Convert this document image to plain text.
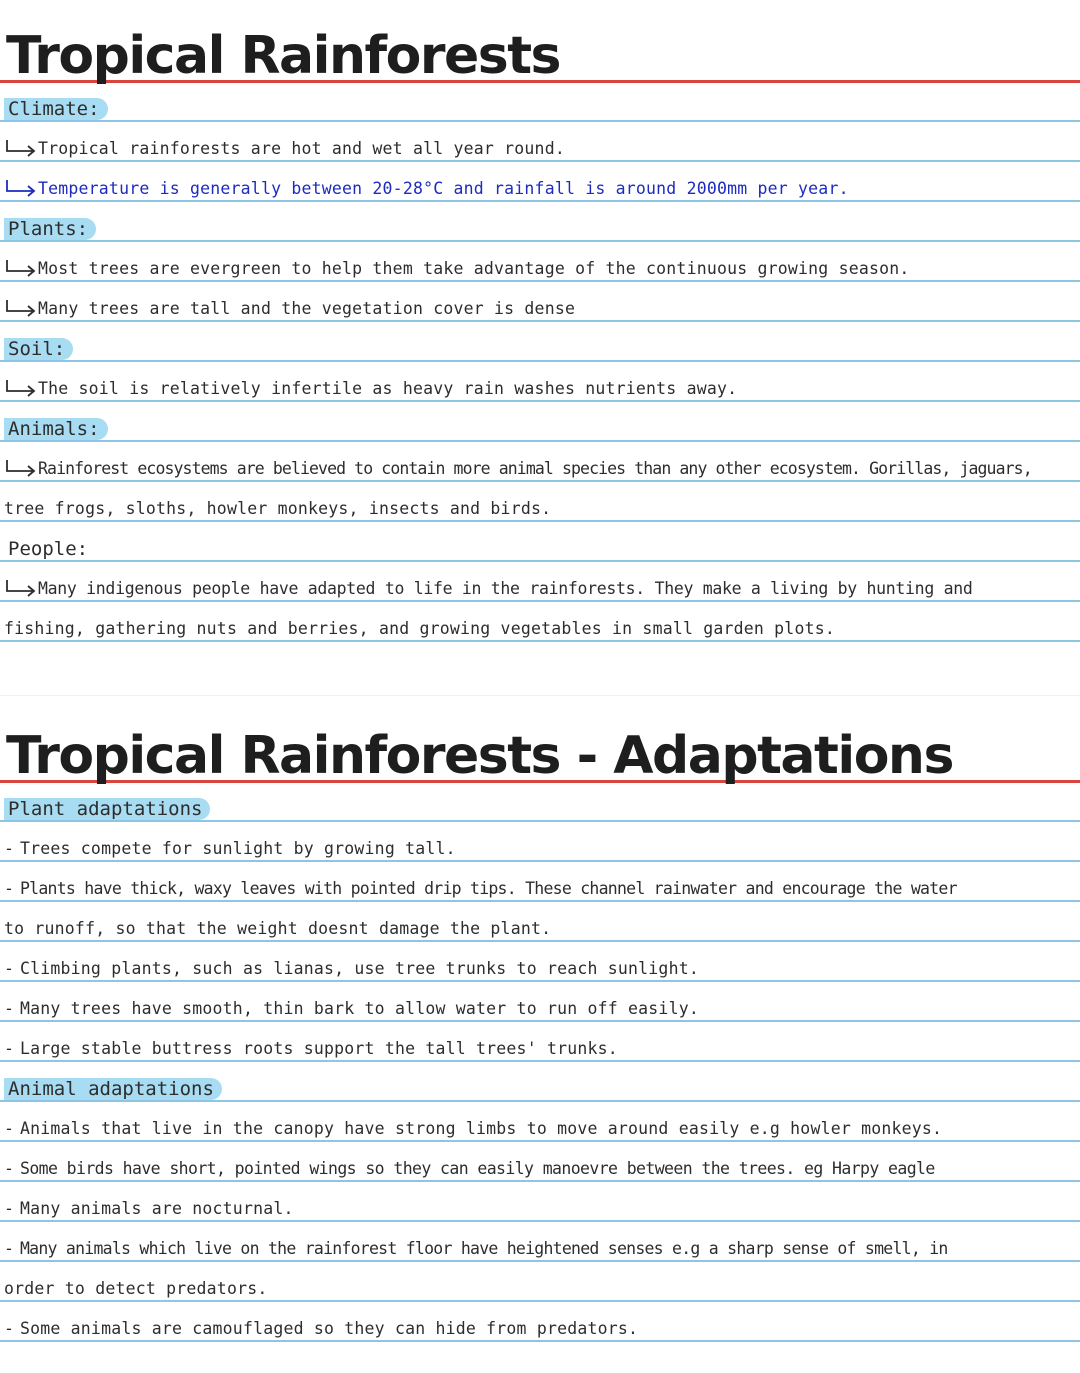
Tropical Rainforests
Climate:
Tropical rainforests are hot and wet all year round.
Temperature is generally between 20-28°C and rainfall is around 2000mm per year.
Plants:
Most trees are evergreen to help them take advantage of the continuous growing season.
Many trees are tall and the vegetation cover is dense
Soil:
The soil is relatively infertile as heavy rain washes nutrients away.
Animals:
Rainforest ecosystems are believed to contain more animal species than any other ecosystem. Gorillas, jaguars,
tree frogs, sloths, howler monkeys, insects and birds.
People:
Many indigenous people have adapted to life in the rainforests. They make a living by hunting and
fishing, gathering nuts and berries, and growing vegetables in small garden plots.
Tropical Rainforests - Adaptations
Plant adaptations
- Trees compete for sunlight by growing tall.
- Plants have thick, waxy leaves with pointed drip tips. These channel rainwater and encourage the water
to runoff, so that the weight doesnt damage the plant.
- Climbing plants, such as lianas, use tree trunks to reach sunlight.
- Many trees have smooth, thin bark to allow water to run off easily.
- Large stable buttress roots support the tall trees' trunks.
Animal adaptations
- Animals that live in the canopy have strong limbs to move around easily e.g howler monkeys.
- Some birds have short, pointed wings so they can easily manoevre between the trees. eg Harpy eagle
- Many animals are nocturnal.
- Many animals which live on the rainforest floor have heightened senses e.g a sharp sense of smell, in
order to detect predators.
- Some animals are camouflaged so they can hide from predators.
